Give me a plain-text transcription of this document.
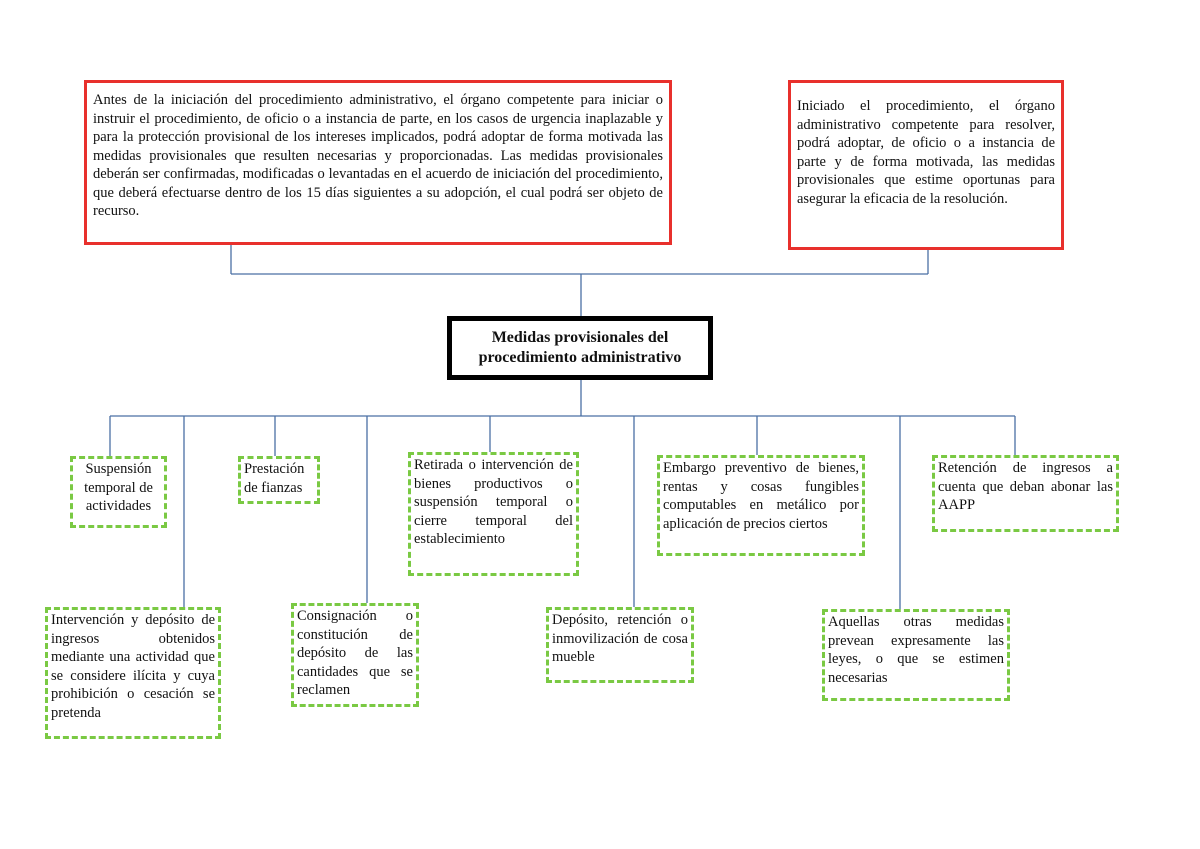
Antes de la iniciación del procedimiento administrativo, el órgano competente para iniciar o instruir el procedimiento, de oficio o a instancia de parte, en los casos de urgencia inaplazable y para la protección provisional de los intereses implicados, podrá adoptar de forma motivada las medidas provisionales que resulten necesarias y proporcionadas. Las medidas provisionales deberán ser confirmadas, modificadas o levantadas en el acuerdo de iniciación del procedimiento, que deberá efectuarse dentro de los 15 días siguientes a su adopción, el cual podrá ser objeto de recurso.
Iniciado el procedimiento, el órgano administrativo competente para resolver, podrá adoptar, de oficio o a instancia de parte y de forma motivada, las medidas provisionales que estime oportunas para asegurar la eficacia de la resolución.
Medidas provisionales del procedimiento administrativo
Suspensión temporal de actividades
Prestación de fianzas
Retirada o intervención de bienes productivos o suspensión temporal o cierre temporal del establecimiento
Embargo preventivo de bienes, rentas y cosas fungibles computables en metálico por aplicación de precios ciertos
Retención de ingresos a cuenta que deban abonar las AAPP
Intervención y depósito de ingresos obtenidos mediante una actividad que se considere ilícita y cuya prohibición o cesación se pretenda
Consignación o constitución de depósito de las cantidades que se reclamen
Depósito, retención o inmovilización de cosa mueble
Aquellas otras medidas prevean expresamente las leyes, o que se estimen necesarias
